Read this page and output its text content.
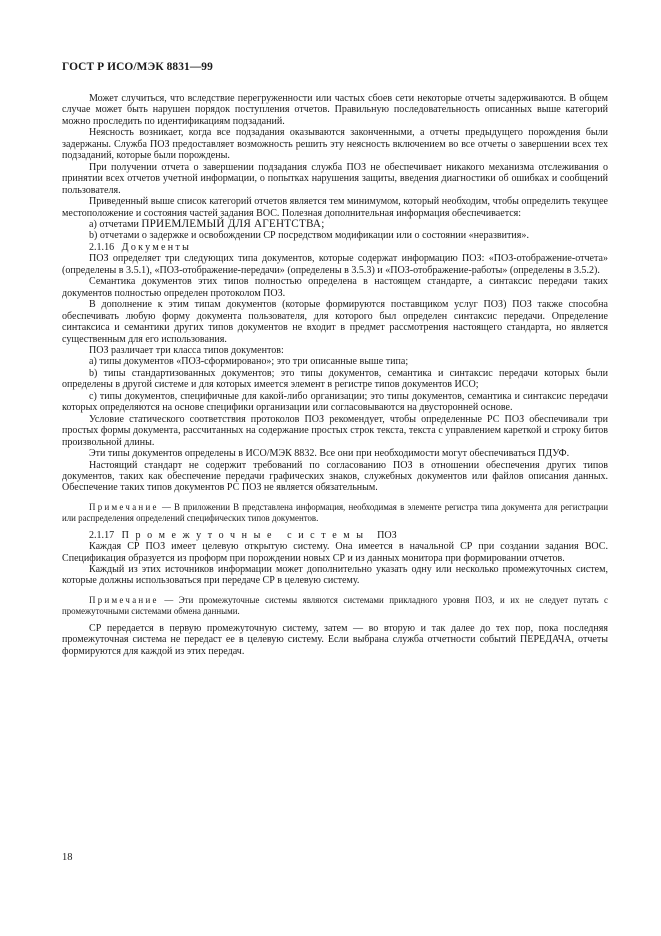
ГОСТ Р ИСО/МЭК 8831—99

Может случиться, что вследствие перегруженности или частых сбоев сети некоторые отчеты задерживаются. В общем случае может быть нарушен порядок поступления отчетов. Правильную последовательность описанных выше категорий можно проследить по идентификациям подзаданий.

Неясность возникает, когда все подзадания оказываются законченными, а отчеты предыдущего порождения были задержаны. Служба ПОЗ предоставляет возможность решить эту неясность включением во все отчеты о завершении всех тех подзаданий, которые были порождены.

При получении отчета о завершении подзадания служба ПОЗ не обеспечивает никакого механизма отслеживания о принятии всех отчетов учетной информации, о попытках нарушения защиты, введения диагностики об ошибках и сообщений пользователя.

Приведенный выше список категорий отчетов является тем минимумом, который необходим, чтобы определить текущее местоположение и состояния частей задания ВОС. Полезная дополнительная информация обеспечивается:

а) отчетами ПРИЕМЛЕМЫЙ ДЛЯ АГЕНТСТВА;

b) отчетами о задержке и освобождении СР посредством модификации или о состоянии «неразвития».

2.1.16 Документы

ПОЗ определяет три следующих типа документов, которые содержат информацию ПОЗ: «ПОЗ-отображение-отчета» (определены в 3.5.1), «ПОЗ-отображение-передачи» (определены в 3.5.3) и «ПОЗ-отображение-работы» (определены в 3.5.2).

Семантика документов этих типов полностью определена в настоящем стандарте, а синтаксис передачи таких документов полностью определен протоколом ПОЗ.

В дополнение к этим типам документов (которые формируются поставщиком услуг ПОЗ) ПОЗ также способна обеспечивать любую форму документа пользователя, для которого был определен синтаксис передачи. Определение синтаксиса и семантики других типов документов не входит в предмет рассмотрения настоящего стандарта, но является существенным для его использования.

ПОЗ различает три класса типов документов:

а) типы документов «ПОЗ-сформировано»; это три описанные выше типа;

b) типы стандартизованных документов; это типы документов, семантика и синтаксис передачи которых были определены в другой системе и для которых имеется элемент в регистре типов документов ИСО;

с) типы документов, специфичные для какой-либо организации; это типы документов, семантика и синтаксис передачи которых определяются на основе специфики организации или согласовываются на двусторонней основе.

Условие статического соответствия протоколов ПОЗ рекомендует, чтобы определенные РС ПОЗ обеспечивали три простых формы документа, рассчитанных на содержание простых строк текста, текста с управлением кареткой и строку битов произвольной длины.

Эти типы документов определены в ИСО/МЭК 8832. Все они при необходимости могут обеспечиваться ПДУФ.

Настоящий стандарт не содержит требований по согласованию ПОЗ в отношении обеспечения других типов документов, таких как обеспечение передачи графических знаков, служебных документов или файлов описания данных. Обеспечение таких типов документов РС ПОЗ не является обязательным.

Примечание — В приложении В представлена информация, необходимая в элементе регистра типа документа для регистрации или распределения определений специфических типов документов.

2.1.17 Промежуточные системы ПОЗ

Каждая СР ПОЗ имеет целевую открытую систему. Она имеется в начальной СР при создании задания ВОС. Спецификация образуется из проформ при порождении новых СР и из данных монитора при формировании отчетов.

Каждый из этих источников информации может дополнительно указать одну или несколько промежуточных систем, которые должны использоваться при передаче СР в целевую систему.

Примечание — Эти промежуточные системы являются системами прикладного уровня ПОЗ, и их не следует путать с промежуточными системами обмена данными.

СР передается в первую промежуточную систему, затем — во вторую и так далее до тех пор, пока последняя промежуточная система не передаст ее в целевую систему. Если выбрана служба отчетности событий ПЕРЕДАЧА, отчеты формируются для каждой из этих передач.

18
